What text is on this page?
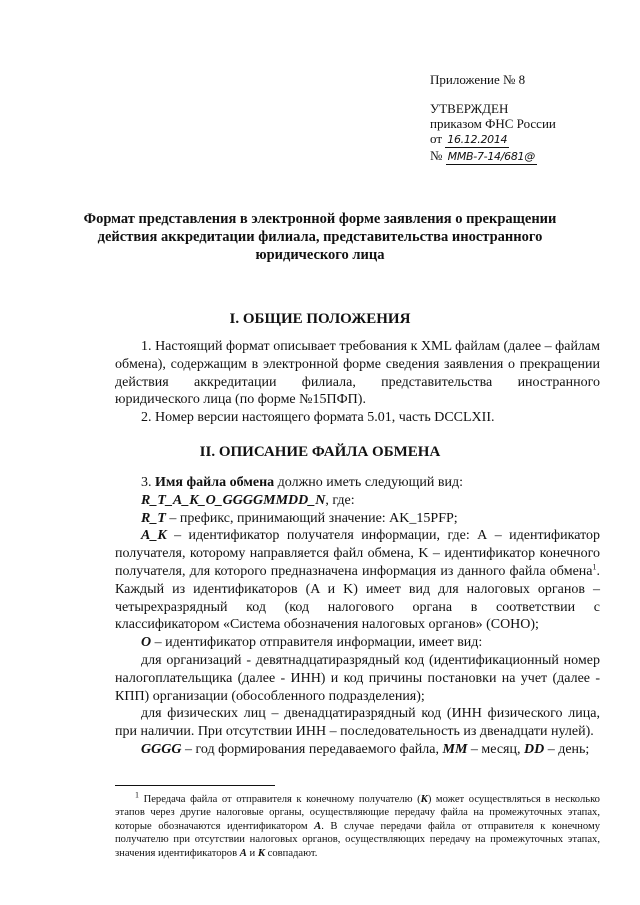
Приложение № 8
УТВЕРЖДЕН
приказом ФНС России
от 16.12.2014
№ ММВ-7-14/681@
Формат представления в электронной форме заявления о прекращении действия аккредитации филиала, представительства иностранного юридического лица
I. ОБЩИЕ ПОЛОЖЕНИЯ

1. Настоящий формат описывает требования к XML файлам (далее – файлам обмена), содержащим в электронной форме сведения заявления о прекращении действия аккредитации филиала, представительства иностранного юридического лица (по форме №15ПФП).

2. Номер версии настоящего формата 5.01, часть DCCLXII.

II. ОПИСАНИЕ ФАЙЛА ОБМЕНА

3. Имя файла обмена должно иметь следующий вид:

R_T_A_K_O_GGGGMMDD_N, где:

R_T – префикс, принимающий значение: AK_15PFP;

A_K – идентификатор получателя информации, где: А – идентификатор получателя, которому направляется файл обмена, K – идентификатор конечного получателя, для которого предназначена информация из данного файла обмена$^1$. Каждый из идентификаторов (A и K) имеет вид для налоговых органов – четырехразрядный код (код налогового органа в соответствии с классификатором «Система обозначения налоговых органов» (СОНО);

O – идентификатор отправителя информации, имеет вид:

для организаций - девятнадцатиразрядный код (идентификационный номер налогоплательщика (далее - ИНН) и код причины постановки на учет (далее - КПП) организации (обособленного подразделения);

для физических лиц – двенадцатиразрядный код (ИНН физического лица, при наличии. При отсутствии ИНН – последовательность из двенадцати нулей).

GGGG – год формирования передаваемого файла, MM – месяц, DD – день;

$^1$ Передача файла от отправителя к конечному получателю (К) может осуществляться в несколько этапов через другие налоговые органы, осуществляющие передачу файла на промежуточных этапах, которые обозначаются идентификатором А. В случае передачи файла от отправителя к конечному получателю при отсутствии налоговых органов, осуществляющих передачу на промежуточных этапах, значения идентификаторов А и К совпадают.
